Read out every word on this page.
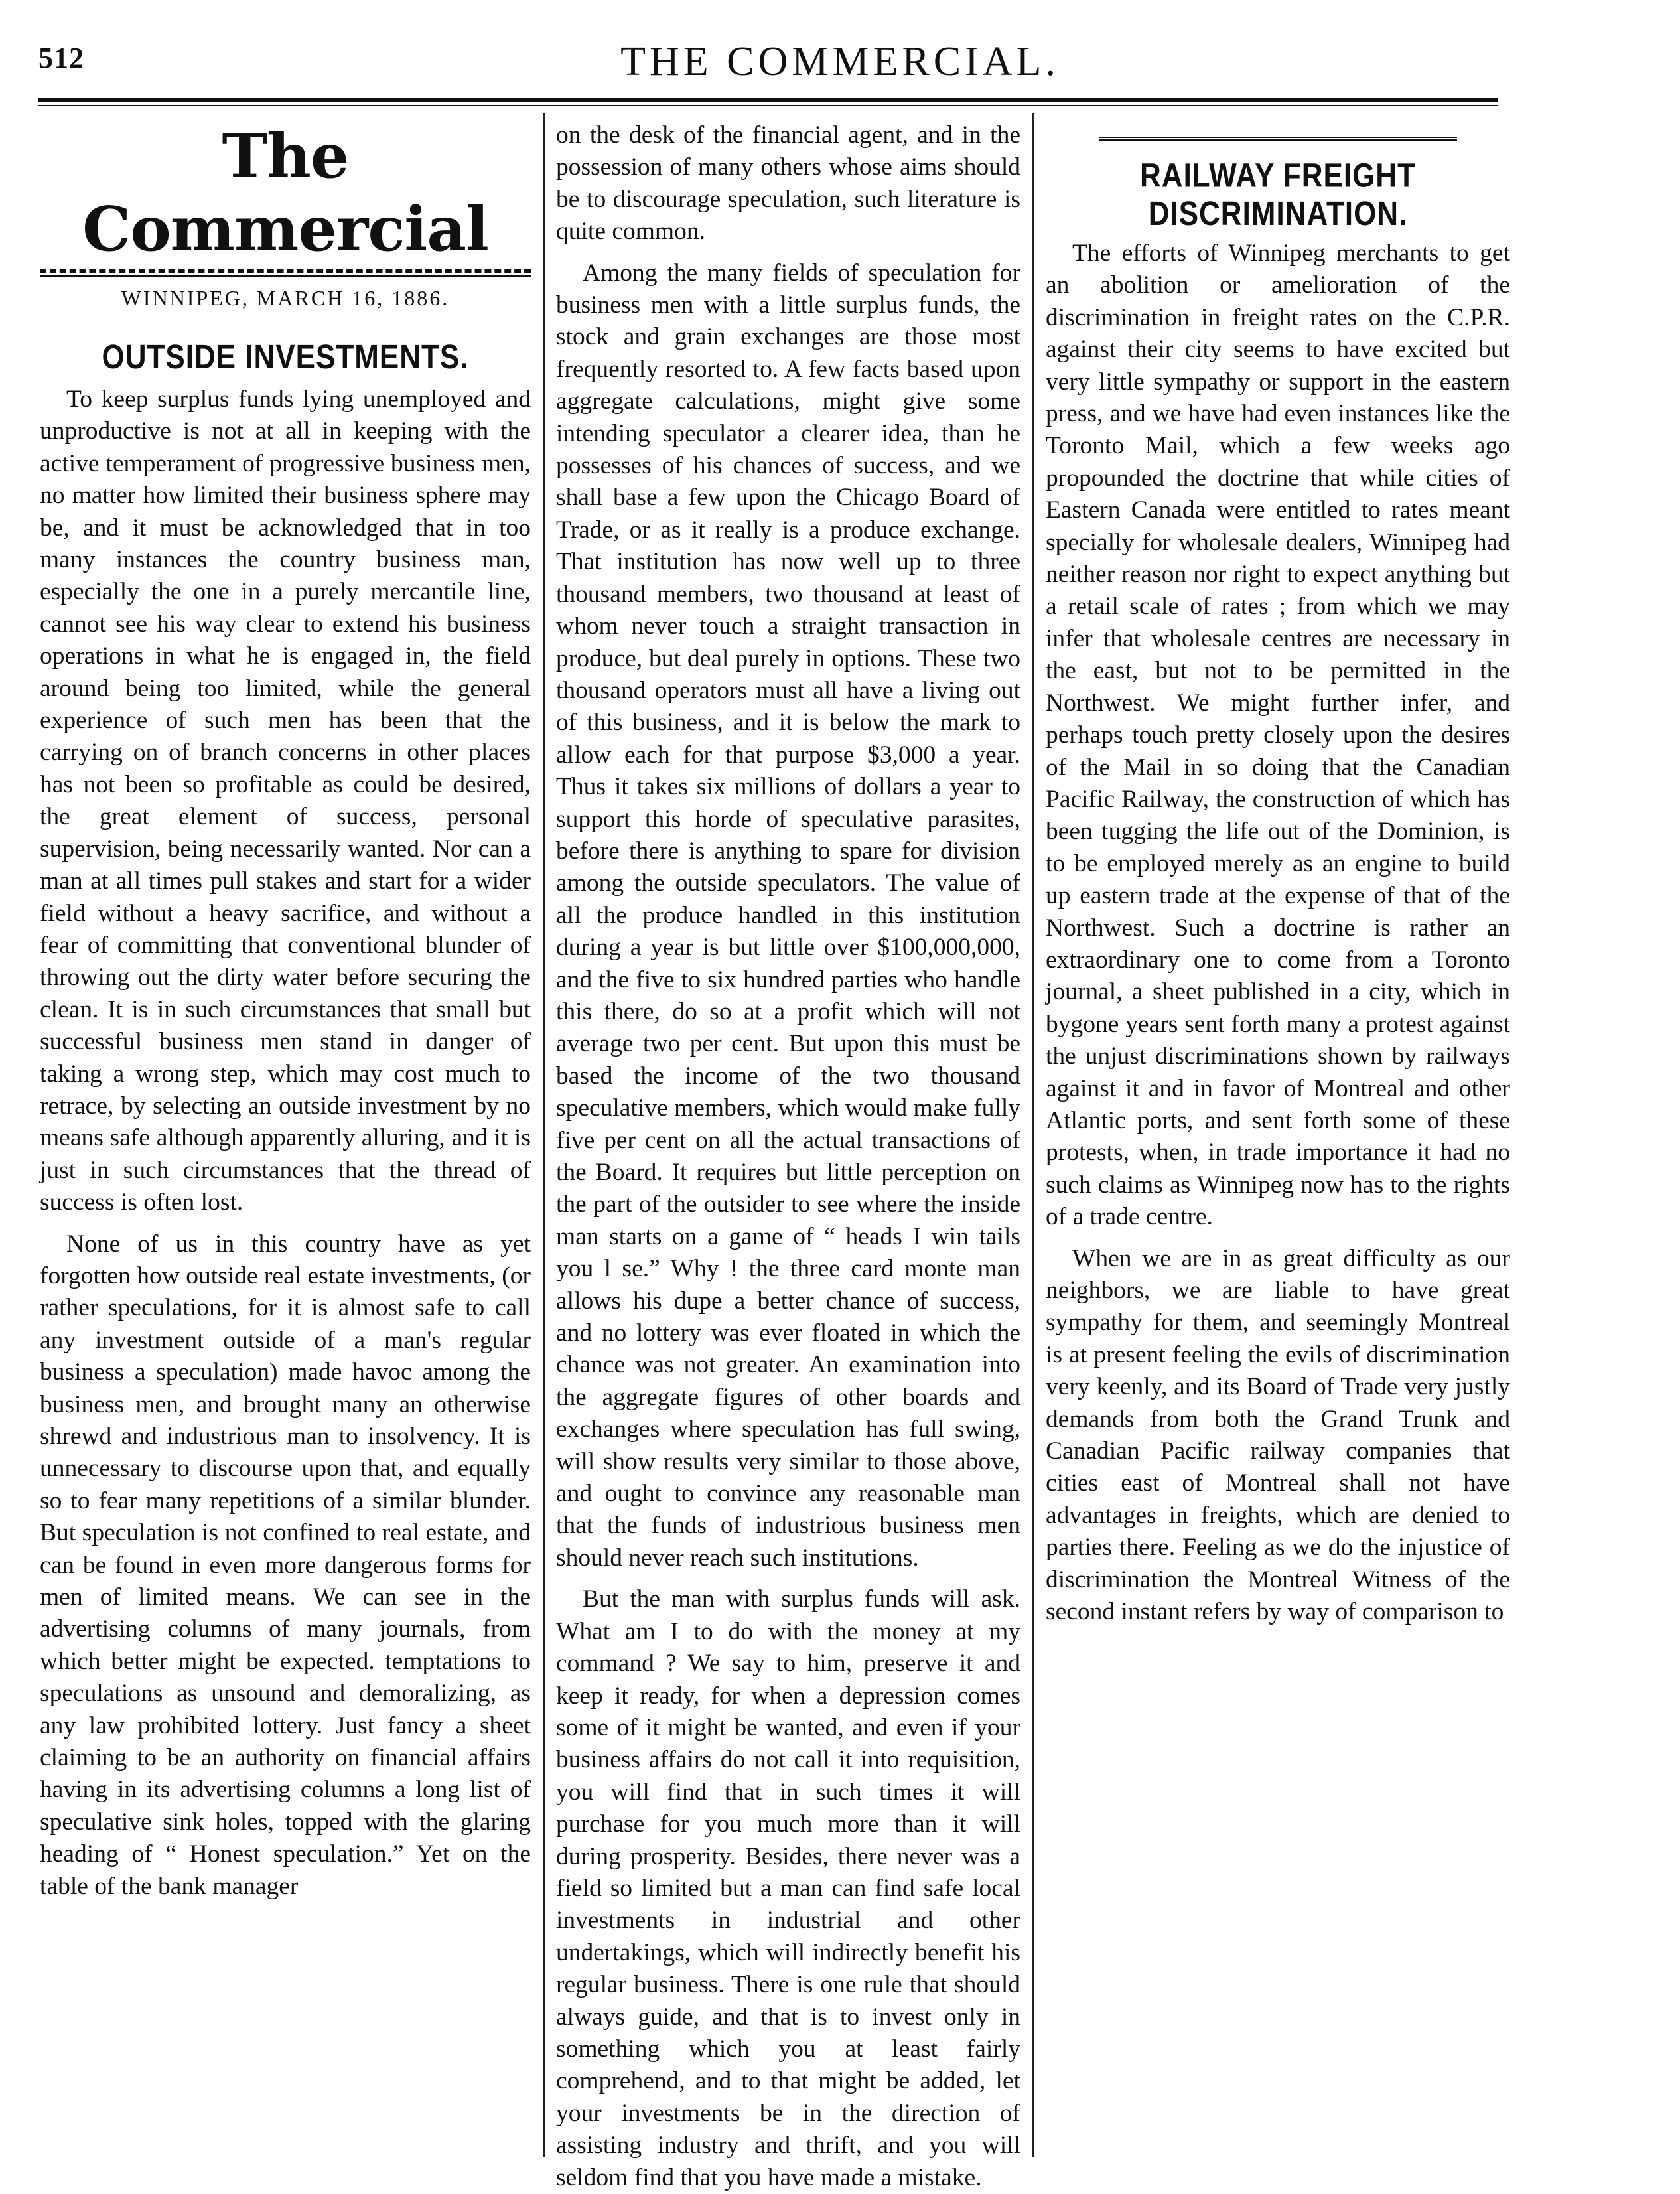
512	THE COMMERCIAL.
The Commercial
WINNIPEG, MARCH 16, 1886.
OUTSIDE INVESTMENTS.

To keep surplus funds lying unemployed and unproductive is not at all in keeping with the active temperament of progressive business men, no matter how limited their business sphere may be, and it must be acknowledged that in too many instances the country business man, especially the one in a purely mercantile line, cannot see his way clear to extend his business operations in what he is engaged in, the field around being too limited, while the general experience of such men has been that the carrying on of branch concerns in other places has not been so profitable as could be desired, the great element of success, personal supervision, being necessarily wanted. Nor can a man at all times pull stakes and start for a wider field without a heavy sacrifice, and without a fear of committing that conventional blunder of throwing out the dirty water before securing the clean. It is in such circumstances that small but successful business men stand in danger of taking a wrong step, which may cost much to retrace, by selecting an outside investment by no means safe although apparently alluring, and it is just in such circumstances that the thread of success is often lost.

None of us in this country have as yet forgotten how outside real estate investments, (or rather speculations, for it is almost safe to call any investment outside of a man's regular business a speculation) made havoc among the business men, and brought many an otherwise shrewd and industrious man to insolvency. It is unnecessary to discourse upon that, and equally so to fear many repetitions of a similar blunder. But speculation is not confined to real estate, and can be found in even more dangerous forms for men of limited means. We can see in the advertising columns of many journals, from which better might be expected. temptations to speculations as unsound and demoralizing, as any law prohibited lottery. Just fancy a sheet claiming to be an authority on financial affairs having in its advertising columns a long list of speculative sink holes, topped with the glaring heading of “ Honest speculation.” Yet on the table of the bank manager

on the desk of the financial agent, and in the possession of many others whose aims should be to discourage speculation, such literature is quite common.

Among the many fields of speculation for business men with a little surplus funds, the stock and grain exchanges are those most frequently resorted to. A few facts based upon aggregate calculations, might give some intending speculator a clearer idea, than he possesses of his chances of success, and we shall base a few upon the Chicago Board of Trade, or as it really is a produce exchange. That institution has now well up to three thousand members, two thousand at least of whom never touch a straight transaction in produce, but deal purely in options. These two thousand operators must all have a living out of this business, and it is below the mark to allow each for that purpose $3,000 a year. Thus it takes six millions of dollars a year to support this horde of speculative parasites, before there is anything to spare for division among the outside speculators. The value of all the produce handled in this institution during a year is but little over $100,000,000, and the five to six hundred parties who handle this there, do so at a profit which will not average two per cent. But upon this must be based the income of the two thousand speculative members, which would make fully five per cent on all the actual transactions of the Board. It requires but little perception on the part of the outsider to see where the inside man starts on a game of “ heads I win tails you l se.” Why ! the three card monte man allows his dupe a better chance of success, and no lottery was ever floated in which the chance was not greater. An examination into the aggregate figures of other boards and exchanges where speculation has full swing, will show results very similar to those above, and ought to convince any reasonable man that the funds of industrious business men should never reach such institutions.

But the man with surplus funds will ask. What am I to do with the money at my command ? We say to him, preserve it and keep it ready, for when a depression comes some of it might be wanted, and even if your business affairs do not call it into requisition, you will find that in such times it will purchase for you much more than it will during prosperity. Besides, there never was a field so limited but a man can find safe local investments in industrial and other undertakings, which will indirectly benefit his regular business. There is one rule that should always guide, and that is to invest only in something which you at least fairly comprehend, and to that might be added, let your investments be in the direction of assisting industry and thrift, and you will seldom find that you have made a mistake.

RAILWAY FREIGHT DISCRIMINATION.

The efforts of Winnipeg merchants to get an abolition or amelioration of the discrimination in freight rates on the C.P.R. against their city seems to have excited but very little sympathy or support in the eastern press, and we have had even instances like the Toronto Mail, which a few weeks ago propounded the doctrine that while cities of Eastern Canada were entitled to rates meant specially for wholesale dealers, Winnipeg had neither reason nor right to expect anything but a retail scale of rates ; from which we may infer that wholesale centres are necessary in the east, but not to be permitted in the Northwest. We might further infer, and perhaps touch pretty closely upon the desires of the Mail in so doing that the Canadian Pacific Railway, the construction of which has been tugging the life out of the Dominion, is to be employed merely as an engine to build up eastern trade at the expense of that of the Northwest. Such a doctrine is rather an extraordinary one to come from a Toronto journal, a sheet published in a city, which in bygone years sent forth many a protest against the unjust discriminations shown by railways against it and in favor of Montreal and other Atlantic ports, and sent forth some of these protests, when, in trade importance it had no such claims as Winnipeg now has to the rights of a trade centre.

When we are in as great difficulty as our neighbors, we are liable to have great sympathy for them, and seemingly Montreal is at present feeling the evils of discrimination very keenly, and its Board of Trade very justly demands from both the Grand Trunk and Canadian Pacific railway companies that cities east of Montreal shall not have advantages in freights, which are denied to parties there. Feeling as we do the injustice of discrimination the Montreal Witness of the second instant refers by way of comparison to
